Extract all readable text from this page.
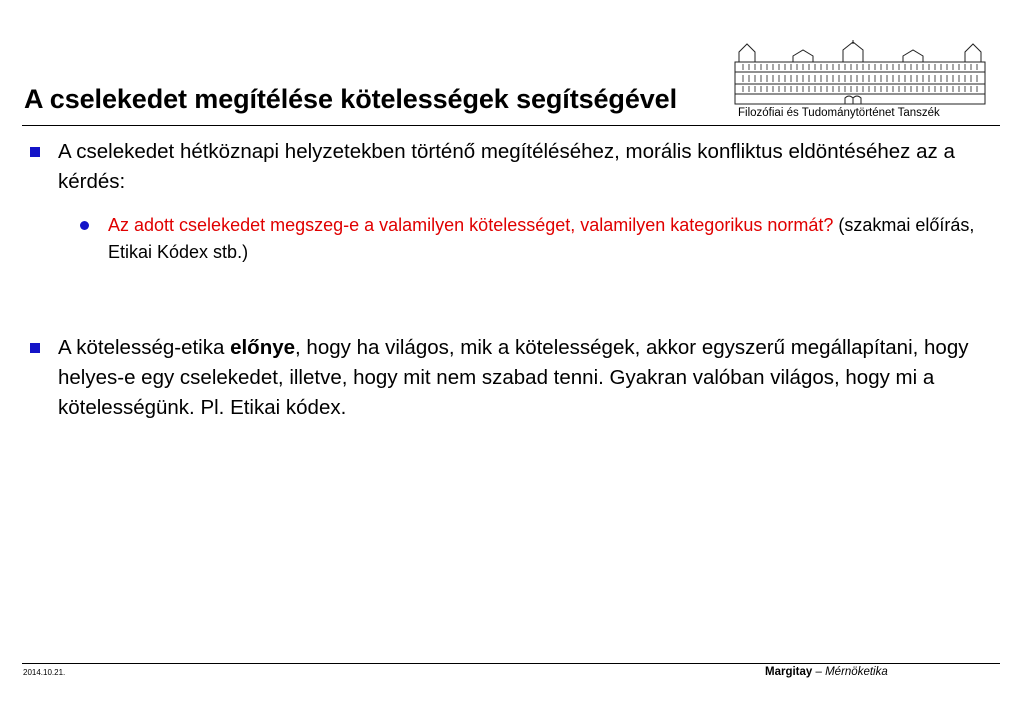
Filozófiai és Tudománytörténet Tanszék
A cselekedet megítélése kötelességek segítségével
A cselekedet hétköznapi helyzetekben történő megítéléséhez, morális konfliktus eldöntéséhez az a kérdés:
Az adott cselekedet megszeg-e a valamilyen kötelességet, valamilyen kategorikus normát? (szakmai előírás, Etikai Kódex stb.)
A kötelesség-etika előnye, hogy ha világos, mik a kötelességek, akkor egyszerű megállapítani, hogy helyes-e egy cselekedet, illetve, hogy mit nem szabad tenni. Gyakran valóban világos, hogy mi a kötelességünk. Pl. Etikai kódex.
2014.10.21.	Margitay – Mérnöketika
